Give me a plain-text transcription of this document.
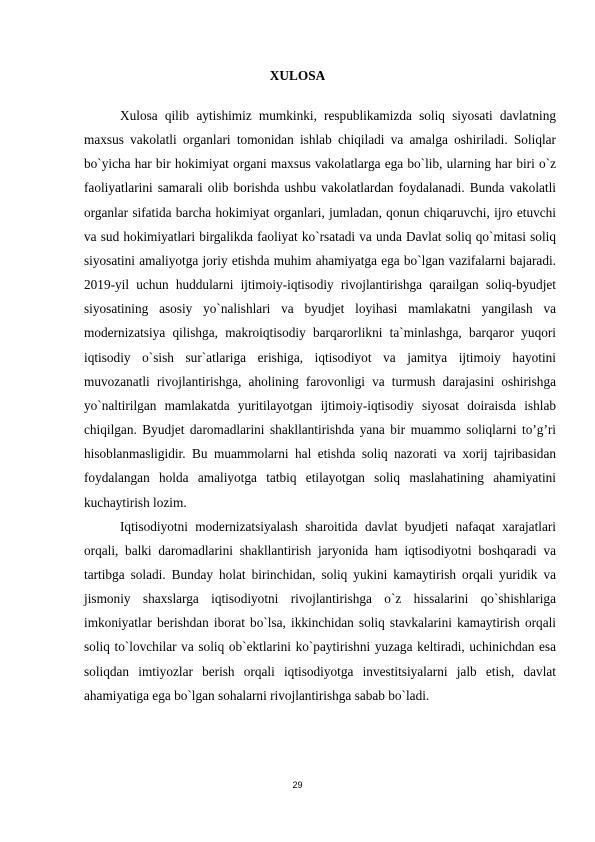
XULOSA

Xulosa qilib aytishimiz mumkinki, respublikamizda soliq siyosati davlatning maxsus vakolatli organlari tomonidan ishlab chiqiladi va amalga oshiriladi. Soliqlar bo`yicha har bir hokimiyat organi maxsus vakolatlarga ega bo`lib, ularning har biri o`z faoliyatlarini samarali olib borishda ushbu vakolatlardan foydalanadi. Bunda vakolatli organlar sifatida barcha hokimiyat organlari, jumladan, qonun chiqaruvchi, ijro etuvchi va sud hokimiyatlari birgalikda faoliyat ko`rsatadi va unda Davlat soliq qo`mitasi soliq siyosatini amaliyotga joriy etishda muhim ahamiyatga ega bo`lgan vazifalarni bajaradi. 2019-yil uchun huddularni ijtimoiy-iqtisodiy rivojlantirishga qarailgan soliq-byudjet siyosatining asosiy yo`nalishlari va byudjet loyihasi mamlakatni yangilash va modernizatsiya qilishga, makroiqtisodiy barqarorlikni ta`minlashga, barqaror yuqori iqtisodiy o`sish sur`atlariga erishiga, iqtisodiyot va jamitya ijtimoiy hayotini muvozanatli rivojlantirishga, aholining farovonligi va turmush darajasini oshirishga yo`naltirilgan mamlakatda yuritilayotgan ijtimoiy-iqtisodiy siyosat doiraisda ishlab chiqilgan. Byudjet daromadlarini shakllantirishda yana bir muammo soliqlarni to’g’ri hisoblanmasligidir. Bu muammolarni hal etishda soliq nazorati va xorij tajribasidan foydalangan holda amaliyotga tatbiq etilayotgan soliq maslahatining ahamiyatini kuchaytirish lozim.

Iqtisodiyotni modernizatsiyalash sharoitida davlat byudjeti nafaqat xarajatlari orqali, balki daromadlarini shakllantirish jaryonida ham iqtisodiyotni boshqaradi va tartibga soladi. Bunday holat birinchidan, soliq yukini kamaytirish orqali yuridik va jismoniy shaxslarga iqtisodiyotni rivojlantirishga o`z hissalarini qo`shishlariga imkoniyatlar berishdan iborat bo`lsa, ikkinchidan soliq stavkalarini kamaytirish orqali soliq to`lovchilar va soliq ob`ektlarini ko`paytirishni yuzaga keltiradi, uchinichdan esa soliqdan imtiyozlar berish orqali iqtisodiyotga investitsiyalarni jalb etish, davlat ahamiyatiga ega bo`lgan sohalarni rivojlantirishga sabab bo`ladi.

29
